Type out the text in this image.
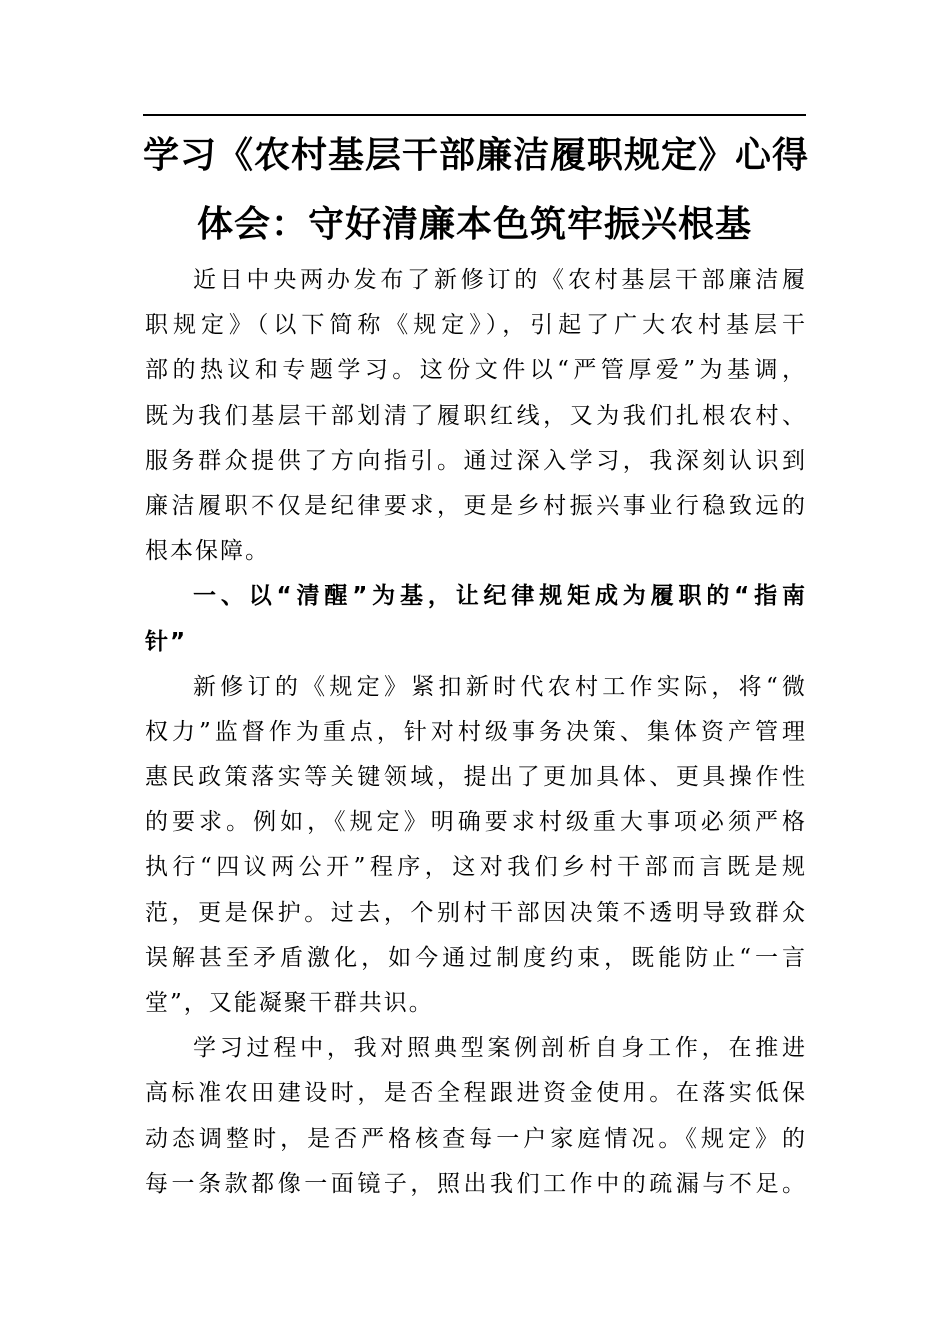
学习《农村基层干部廉洁履职规定》心得
体会：守好清廉本色筑牢振兴根基
近日中央两办发布了新修订的《农村基层干部廉洁履
职规定》（以下简称《规定》），引起了广大农村基层干
部的热议和专题学习。这份文件以“严管厚爱”为基调，
既为我们基层干部划清了履职红线，又为我们扎根农村、
服务群众提供了方向指引。通过深入学习，我深刻认识到
廉洁履职不仅是纪律要求，更是乡村振兴事业行稳致远的
根本保障。
一、以“清醒”为基，让纪律规矩成为履职的“指南
针”
新修订的《规定》紧扣新时代农村工作实际，将“微
权力”监督作为重点，针对村级事务决策、集体资产管理
惠民政策落实等关键领域，提出了更加具体、更具操作性
的要求。例如，《规定》明确要求村级重大事项必须严格
执行“四议两公开”程序，这对我们乡村干部而言既是规
范，更是保护。过去，个别村干部因决策不透明导致群众
误解甚至矛盾激化，如今通过制度约束，既能防止“一言
堂”，又能凝聚干群共识。
学习过程中，我对照典型案例剖析自身工作，在推进
高标准农田建设时，是否全程跟进资金使用。在落实低保
动态调整时，是否严格核查每一户家庭情况。《规定》的
每一条款都像一面镜子，照出我们工作中的疏漏与不足。
